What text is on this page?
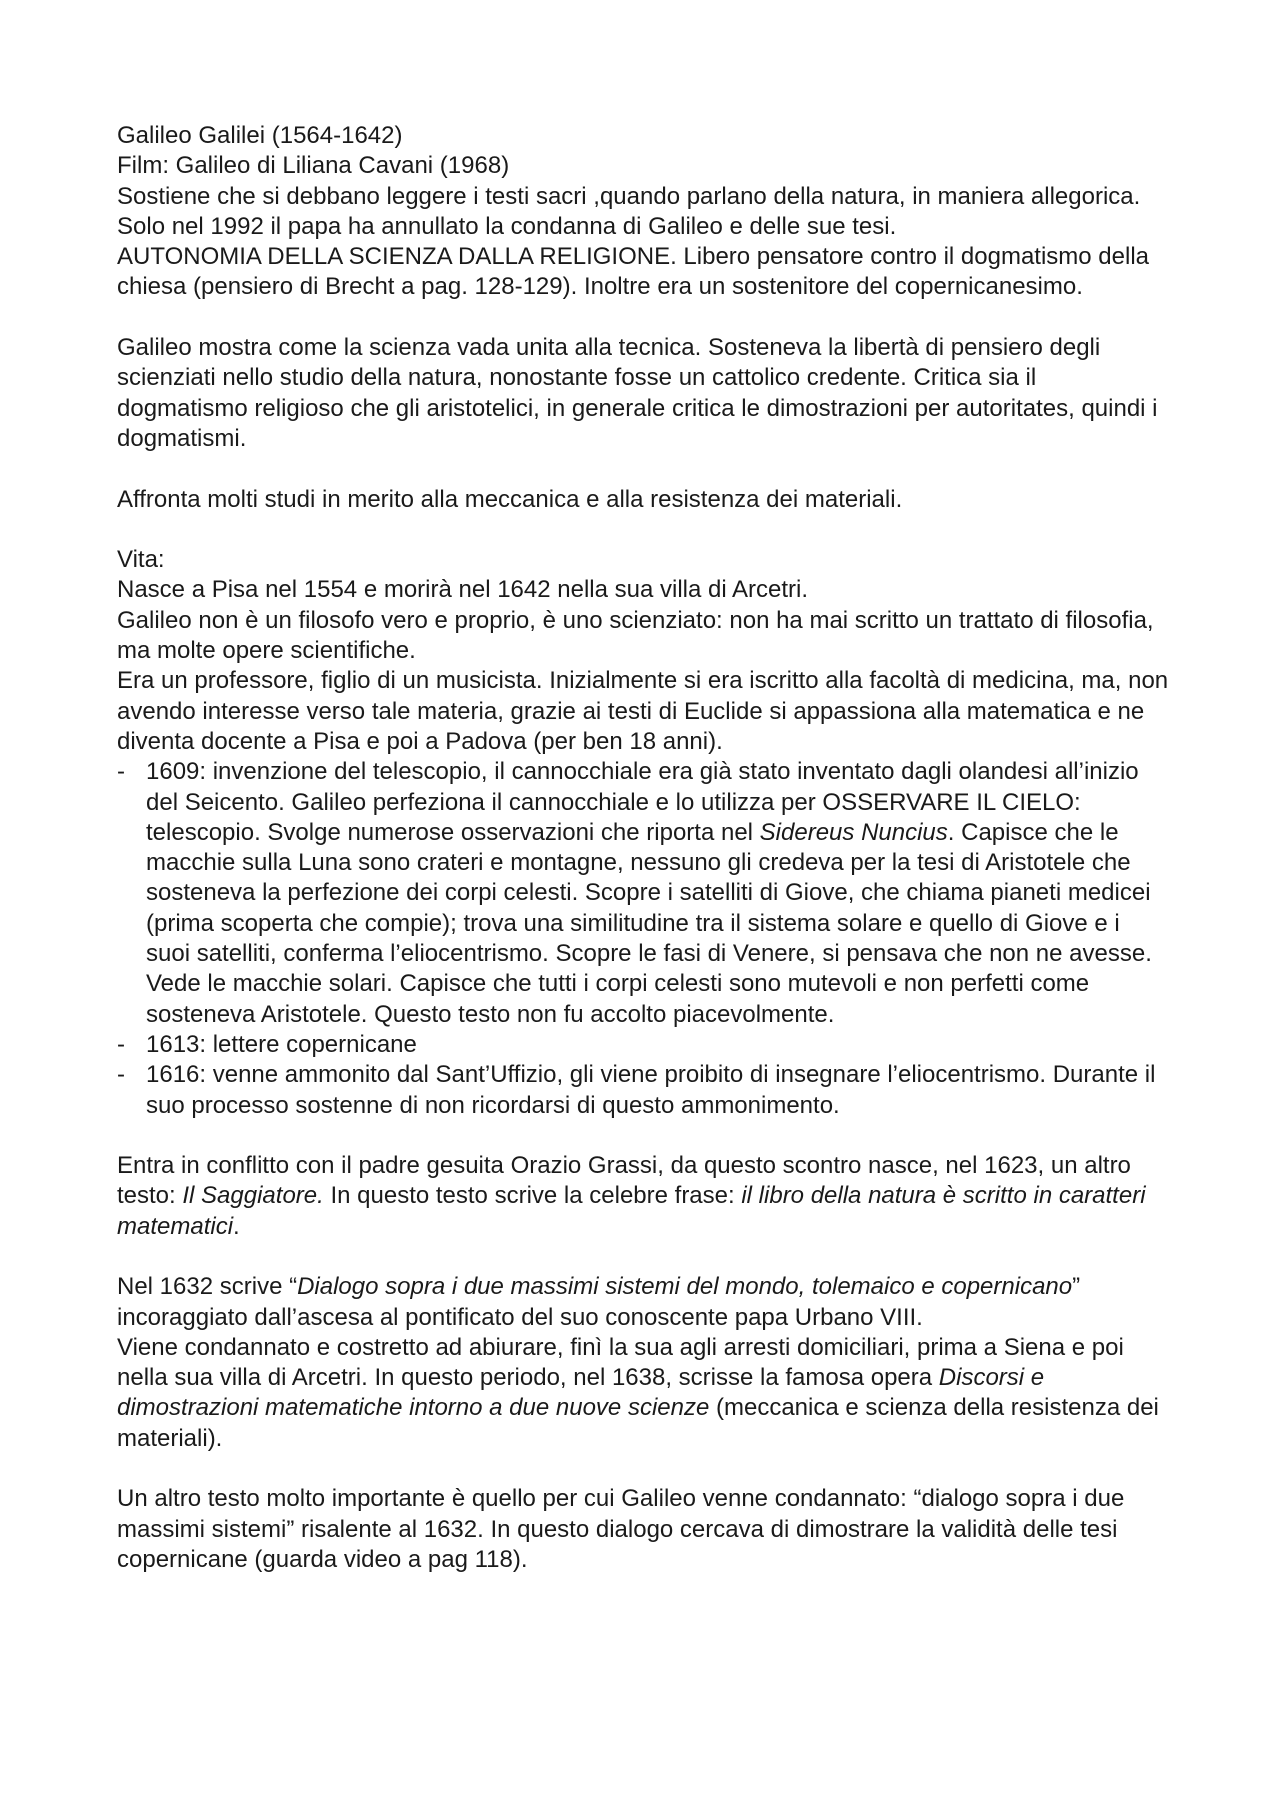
Galileo Galilei (1564-1642)

Film: Galileo di Liliana Cavani (1968)

Sostiene che si debbano leggere i testi sacri ,quando parlano della natura, in maniera allegorica.

Solo nel 1992 il papa ha annullato la condanna di Galileo e delle sue tesi.

AUTONOMIA DELLA SCIENZA DALLA RELIGIONE. Libero pensatore contro il dogmatismo della chiesa (pensiero di Brecht a pag. 128-129). Inoltre era un sostenitore del copernicanesimo.

Galileo mostra come la scienza vada unita alla tecnica. Sosteneva la libertà di pensiero degli scienziati nello studio della natura, nonostante fosse un cattolico credente. Critica sia il dogmatismo religioso che gli aristotelici, in generale critica le dimostrazioni per autoritates, quindi i dogmatismi.

Affronta molti studi in merito alla meccanica e alla resistenza dei materiali.

Vita:

Nasce a Pisa nel 1554 e morirà nel 1642 nella sua villa di Arcetri.

Galileo non è un filosofo vero e proprio, è uno scienziato: non ha mai scritto un trattato di filosofia, ma molte opere scientifiche.

Era un professore, figlio di un musicista. Inizialmente si era iscritto alla facoltà di medicina, ma, non avendo interesse verso tale materia, grazie ai testi di Euclide si appassiona alla matematica e ne diventa docente a Pisa e poi a Padova (per ben 18 anni).

- 1609: invenzione del telescopio, il cannocchiale era già stato inventato dagli olandesi all’inizio del Seicento. Galileo perfeziona il cannocchiale e lo utilizza per OSSERVARE IL CIELO: telescopio. Svolge numerose osservazioni che riporta nel Sidereus Nuncius. Capisce che le macchie sulla Luna sono crateri e montagne, nessuno gli credeva per la tesi di Aristotele che sosteneva la perfezione dei corpi celesti. Scopre i satelliti di Giove, che chiama pianeti medicei (prima scoperta che compie); trova una similitudine tra il sistema solare e quello di Giove e i suoi satelliti, conferma l’eliocentrismo. Scopre le fasi di Venere, si pensava che non ne avesse. Vede le macchie solari. Capisce che tutti i corpi celesti sono mutevoli e non perfetti come sosteneva Aristotele. Questo testo non fu accolto piacevolmente.
- 1613: lettere copernicane
- 1616: venne ammonito dal Sant’Uffizio, gli viene proibito di insegnare l’eliocentrismo. Durante il suo processo sostenne di non ricordarsi di questo ammonimento.

Entra in conflitto con il padre gesuita Orazio Grassi, da questo scontro nasce, nel 1623, un altro testo: Il Saggiatore. In questo testo scrive la celebre frase: il libro della natura è scritto in caratteri matematici.

Nel 1632 scrive “Dialogo sopra i due massimi sistemi del mondo, tolemaico e copernicano” incoraggiato dall’ascesa al pontificato del suo conoscente papa Urbano VIII.

Viene condannato e costretto ad abiurare, finì la sua agli arresti domiciliari, prima a Siena e poi nella sua villa di Arcetri. In questo periodo, nel 1638, scrisse la famosa opera Discorsi e dimostrazioni matematiche intorno a due nuove scienze (meccanica e scienza della resistenza dei materiali).

Un altro testo molto importante è quello per cui Galileo venne condannato: “dialogo sopra i due massimi sistemi” risalente al 1632. In questo dialogo cercava di dimostrare la validità delle tesi copernicane (guarda video a pag 118).
